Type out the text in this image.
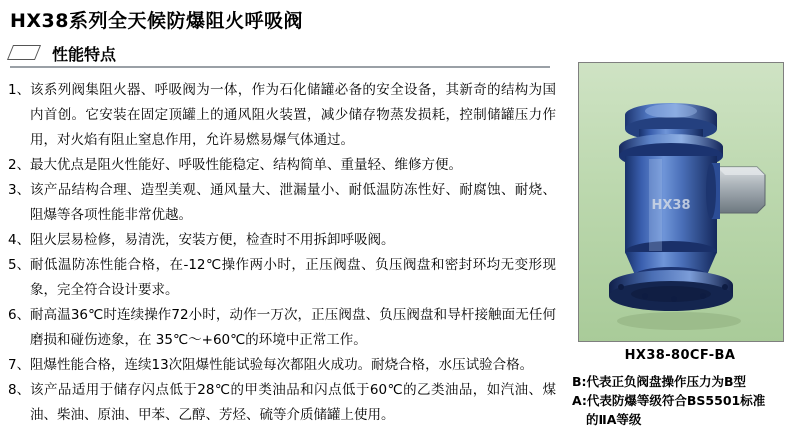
HX38系列全天候防爆阻火呼吸阀
性能特点
1、 该系列阀集阻火器、呼吸阀为一体，作为石化储罐必备的安全设备，其新奇的结构为国内首创。它安装在固定顶罐上的通风阻火装置，减少储存物蒸发损耗，控制储罐压力作用，对火焰有阻止窒息作用，允许易燃易爆气体通过。
2、 最大优点是阻火性能好、呼吸性能稳定、结构简单、重量轻、维修方便。
3、 该产品结构合理、造型美观、通风量大、泄漏量小、耐低温防冻性好、耐腐蚀、耐烧、阻爆等各项性能非常优越。
4、 阻火层易检修，易清洗，安装方便，检查时不用拆卸呼吸阀。
5、 耐低温防冻性能合格，在-12℃操作两小时，正压阀盘、负压阀盘和密封环均无变形现象，完全符合设计要求。
6、 耐高温36℃时连续操作72小时，动作一万次，正压阀盘、负压阀盘和导杆接触面无任何磨损和碰伤迹象，在 35℃～+60℃的环境中正常工作。
7、 阻爆性能合格，连续13次阻爆性能试验每次都阻火成功。耐烧合格，水压试验合格。
8、 该产品适用于储存闪点低于28℃的甲类油品和闪点低于60℃的乙类油品，如汽油、煤油、柴油、原油、甲苯、乙醇、芳烃、硫等介质储罐上使用。
HX38
HX38-80CF-BA
B: 代表正负阀盘操作压力为B型
A: 代表防爆等级符合BS5501标准
的ⅡA等级
